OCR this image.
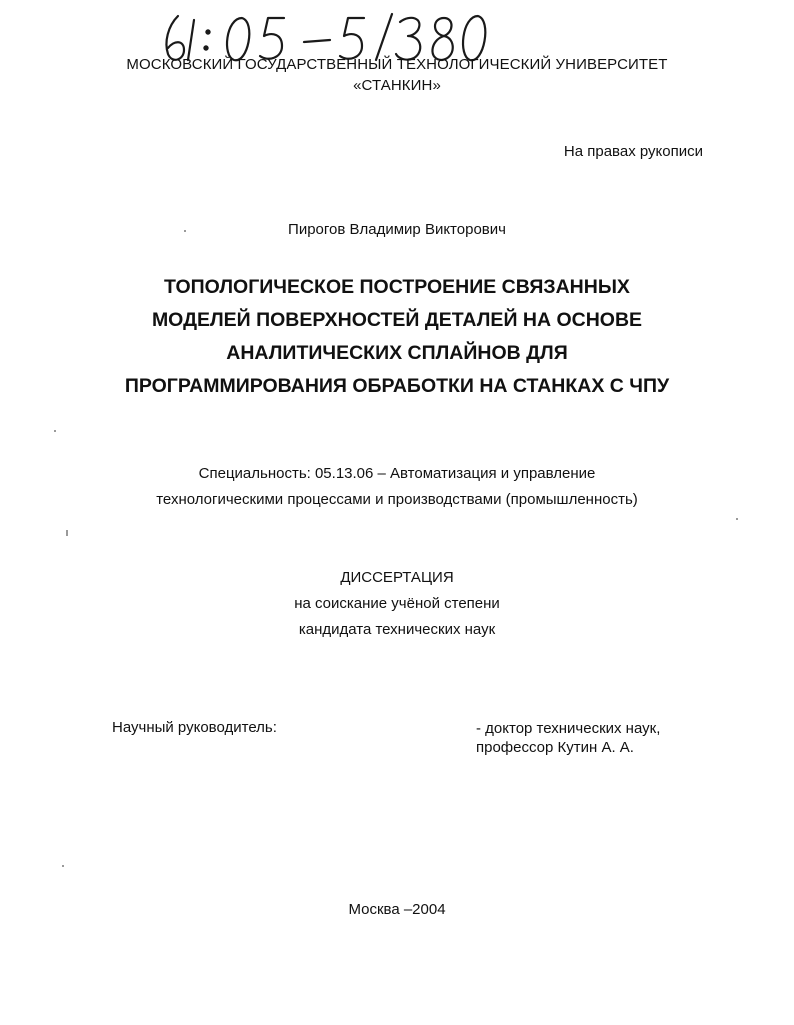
МОСКОВСКИЙ ГОСУДАРСТВЕННЫЙ ТЕХНОЛОГИЧЕСКИЙ УНИВЕРСИТЕТ
«СТАНКИН»
На правах рукописи
Пирогов Владимир Викторович
ТОПОЛОГИЧЕСКОЕ ПОСТРОЕНИЕ СВЯЗАННЫХ
МОДЕЛЕЙ ПОВЕРХНОСТЕЙ ДЕТАЛЕЙ НА ОСНОВЕ
АНАЛИТИЧЕСКИХ СПЛАЙНОВ ДЛЯ
ПРОГРАММИРОВАНИЯ ОБРАБОТКИ НА СТАНКАХ С ЧПУ
Специальность: 05.13.06 – Автоматизация и управление
технологическими процессами и производствами (промышленность)
ДИССЕРТАЦИЯ
на соискание учёной степени
кандидата технических наук
Научный руководитель:	- доктор технических наук,
профессор Кутин А. А.
Москва –2004
